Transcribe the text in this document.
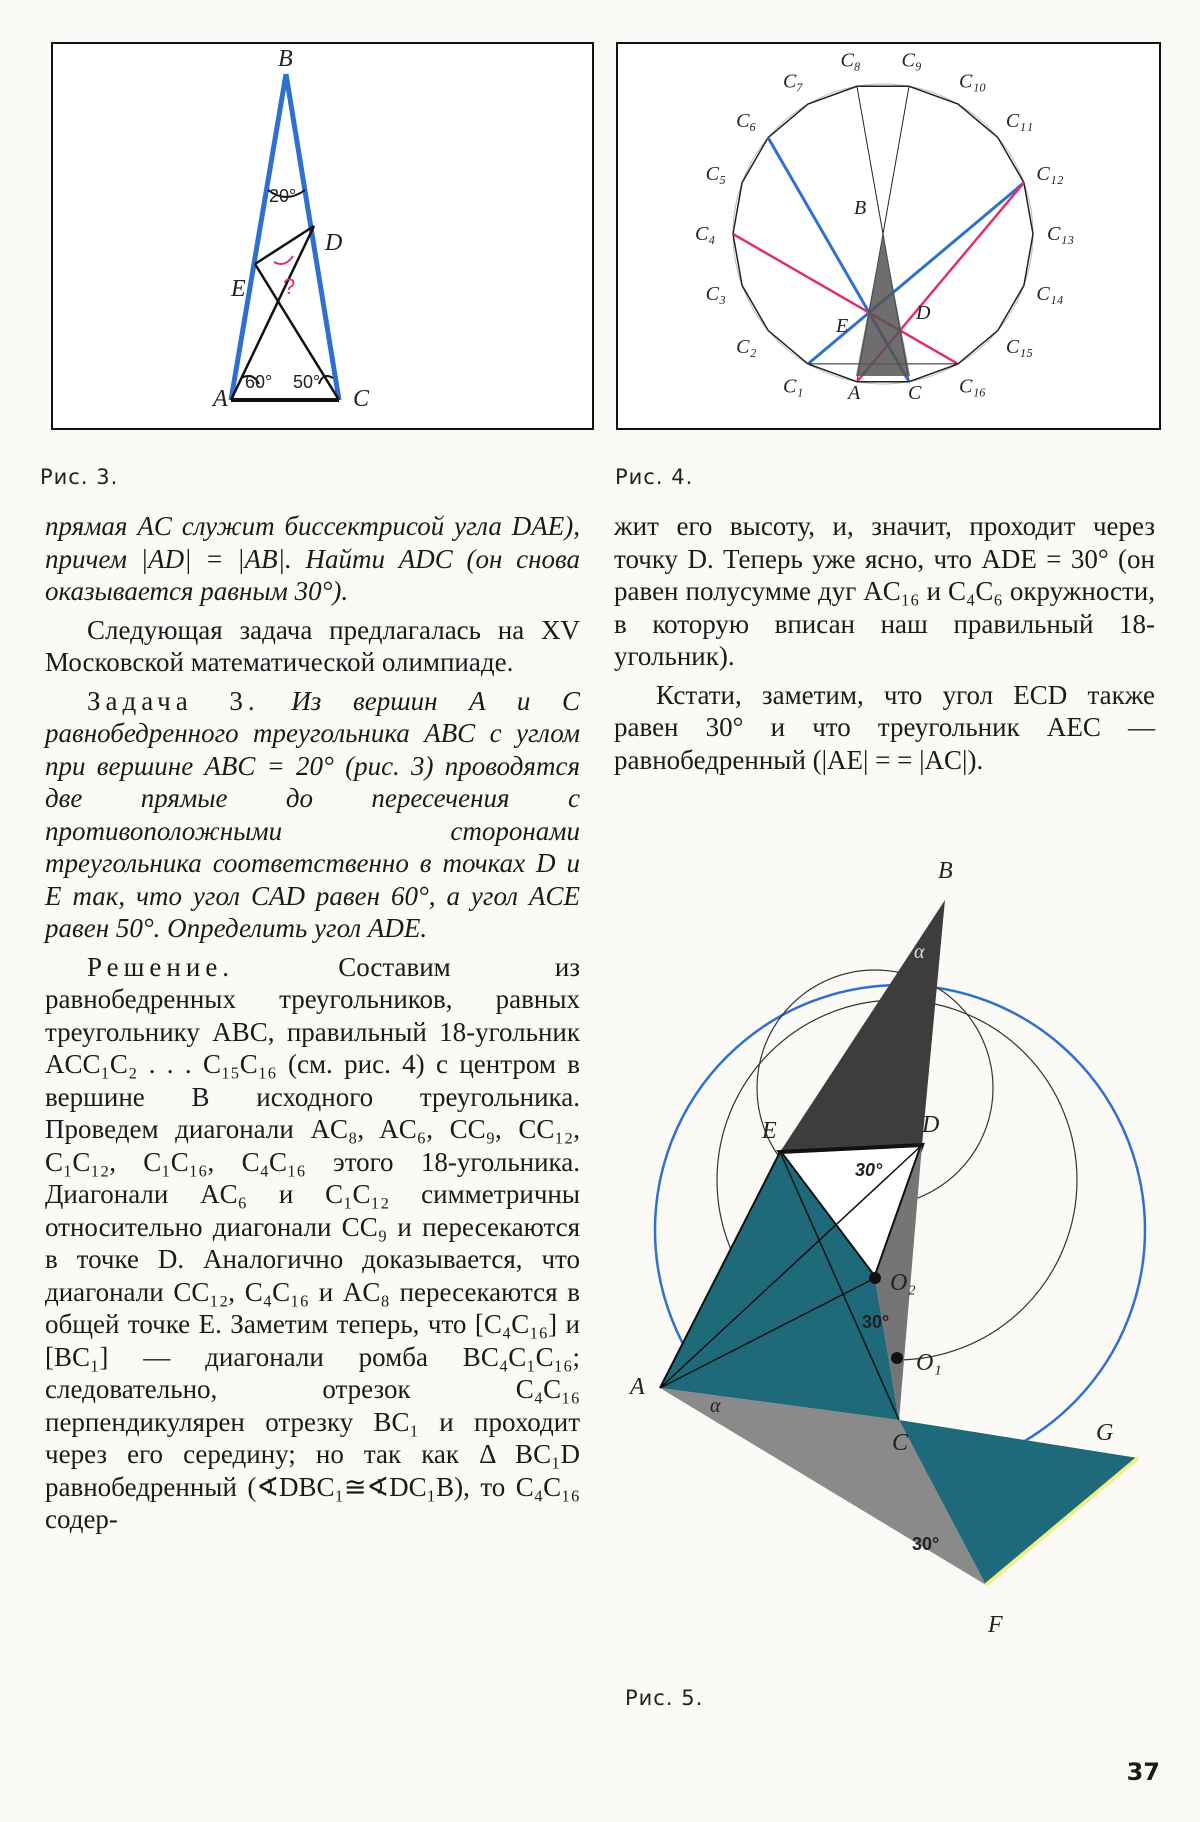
B
A	C
D
E
20°
?
60° 50°
Рис. 3.
C₁
C₂
C₃
C₄
C₅
C₆
C₇
C₈ C₉
C₁₀
C₁₁
C₁₂
C₁₃
C₁₄
C₁₅
C₁₆
B
A C
D
E
Рис. 4.

прямая AC служит биссектрисой угла DAE), причем |AD| = |AB|. Найти ADC (он снова оказывается равным 30°).

Следующая задача предлагалась на XV Московской математической олимпиаде.

Задача 3. Из вершин A и C равнобедренного треугольника ABC с углом при вершине ABC = 20° (рис. 3) проводятся две прямые до пересечения с противоположными сторонами треугольника соответственно в точках D и E так, что угол CAD равен 60°, а угол ACE равен 50°. Определить угол ADE.

Решение.	Составим из равнобедренных треугольников, равных треугольнику ABC, правильный 18-угольник ACC₁C₂ . . . C₁₅C₁₆ (см. рис. 4) с центром в вершине B исходного треугольника. Проведем диагонали AC₈, AC₆, CC₉, CC₁₂, C₁C₁₂, C₁C₁₆, C₄C₁₆ этого 18-угольника. Диагонали AC₆ и C₁C₁₂ симметричны относительно диагонали CC₉ и пересекаются в точке D. Аналогично доказывается, что диагонали CC₁₂, C₄C₁₆ и AC₈ пересекаются в общей точке E. Заметим теперь, что [C₄C₁₆] и [BC₁] — диагонали ромба BC₄C₁C₁₆; следовательно, отрезок C₄C₁₆ перпендикулярен отрезку BC₁ и проходит через его середину; но так как Δ BC₁D равнобедренный (∢DBC₁≅∢DC₁B), то C₄C₁₆ содер-

жит его высоту, и, значит, проходит через точку D. Теперь уже ясно, что ADE = 30° (он равен полусумме дуг AC₁₆ и C₄C₆ окружности, в которую вписан наш правильный 18-угольник).

Кстати, заметим, что угол ECD также равен 30° и что треугольник AEC — равнобедренный (|AE| = = |AC|).

B
D
E
A
C	G
F
O₂
O₁
30°
30°
30°
α
α
Рис. 5.
37
